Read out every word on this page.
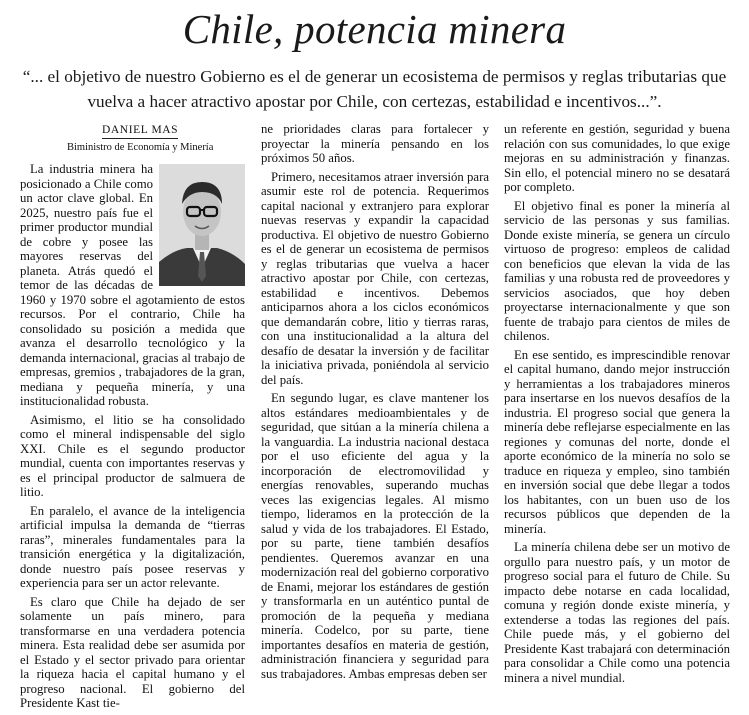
Chile, potencia minera

“... el objetivo de nuestro Gobierno es el de generar un ecosistema de permisos y reglas tributarias que vuelva a hacer atractivo apostar por Chile, con certezas, estabilidad e incentivos...”.

DANIEL MAS
Biministro de Economía y Minería

La industria minera ha posicionado a Chile como un actor clave global. En 2025, nuestro país fue el primer productor mundial de cobre y posee las mayores reservas del planeta. Atrás quedó el temor de las décadas de 1960 y 1970 sobre el agotamiento de estos recursos. Por el contrario, Chile ha consolidado su posición a medida que avanza el desarrollo tecnológico y la demanda internacional, gracias al trabajo de empresas, gremios , trabajadores de la gran, mediana y pequeña minería, y una institucionalidad robusta.

Asimismo, el litio se ha consolidado como el mineral indispensable del siglo XXI. Chile es el segundo productor mundial, cuenta con importantes reservas y es el principal productor de salmuera de litio.

En paralelo, el avance de la inteligencia artificial impulsa la demanda de “tierras raras”, minerales fundamentales para la transición energética y la digitalización, donde nuestro país posee reservas y experiencia para ser un actor relevante.

Es claro que Chile ha dejado de ser solamente un país minero, para transformarse en una verdadera potencia minera. Esta realidad debe ser asumida por el Estado y el sector privado para orientar la riqueza hacia el capital humano y el progreso nacional. El gobierno del Presidente Kast tie-

ne prioridades claras para fortalecer y proyectar la minería pensando en los próximos 50 años.

Primero, necesitamos atraer inversión para asumir este rol de potencia. Requerimos capital nacional y extranjero para explorar nuevas reservas y expandir la capacidad productiva. El objetivo de nuestro Gobierno es el de generar un ecosistema de permisos y reglas tributarias que vuelva a hacer atractivo apostar por Chile, con certezas, estabilidad e incentivos. Debemos anticiparnos ahora a los ciclos económicos que demandarán cobre, litio y tierras raras, con una institucionalidad a la altura del desafío de desatar la inversión y de facilitar la iniciativa privada, poniéndola al servicio del país.

En segundo lugar, es clave mantener los altos estándares medioambientales y de seguridad, que sitúan a la minería chilena a la vanguardia. La industria nacional destaca por el uso eficiente del agua y la incorporación de electromovilidad y energías renovables, superando muchas veces las exigencias legales. Al mismo tiempo, lideramos en la protección de la salud y vida de los trabajadores. El Estado, por su parte, tiene también desafíos pendientes. Queremos avanzar en una modernización real del gobierno corporativo de Enami, mejorar los estándares de gestión y transformarla en un auténtico puntal de promoción de la pequeña y mediana minería. Codelco, por su parte, tiene importantes desafíos en materia de gestión, administración financiera y seguridad para sus trabajadores. Ambas empresas deben ser

un referente en gestión, seguridad y buena relación con sus comunidades, lo que exige mejoras en su administración y finanzas. Sin ello, el potencial minero no se desatará por completo.

El objetivo final es poner la minería al servicio de las personas y sus familias. Donde existe minería, se genera un círculo virtuoso de progreso: empleos de calidad con beneficios que elevan la vida de las familias y una robusta red de proveedores y servicios asociados, que hoy deben proyectarse internacionalmente y que son fuente de trabajo para cientos de miles de chilenos.

En ese sentido, es imprescindible renovar el capital humano, dando mejor instrucción y herramientas a los trabajadores mineros para insertarse en los nuevos desafíos de la industria. El progreso social que genera la minería debe reflejarse especialmente en las regiones y comunas del norte, donde el aporte económico de la minería no solo se traduce en riqueza y empleo, sino también en inversión social que debe llegar a todos los habitantes, con un buen uso de los recursos públicos que dependen de la minería.

La minería chilena debe ser un motivo de orgullo para nuestro país, y un motor de progreso social para el futuro de Chile. Su impacto debe notarse en cada localidad, comuna y región donde existe minería, y extenderse a todas las regiones del país. Chile puede más, y el gobierno del Presidente Kast trabajará con determinación para consolidar a Chile como una potencia minera a nivel mundial.
